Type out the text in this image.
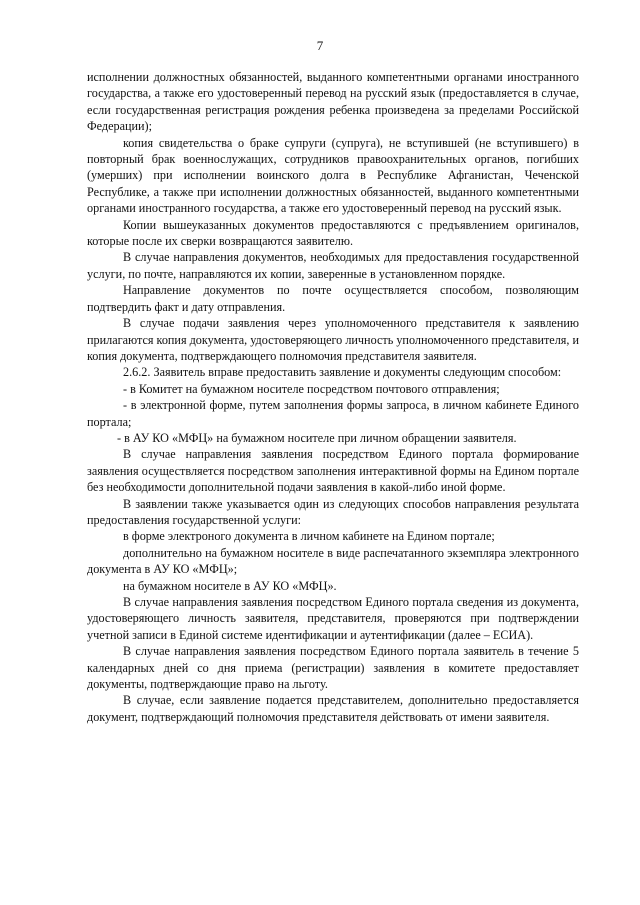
7

исполнении должностных обязанностей, выданного компетентными органами иностранного государства, а также его удостоверенный перевод на русский язык (предоставляется в случае, если государственная регистрация рождения ребенка произведена за пределами Российской Федерации);

копия свидетельства о браке супруги (супруга), не вступившей (не вступившего) в повторный брак военнослужащих, сотрудников правоохранительных органов, погибших (умерших) при исполнении воинского долга в Республике Афганистан, Чеченской Республике, а также при исполнении должностных обязанностей, выданного компетентными органами иностранного государства, а также его удостоверенный перевод на русский язык.

Копии вышеуказанных документов предоставляются с предъявлением оригиналов, которые после их сверки возвращаются заявителю.

В случае направления документов, необходимых для предоставления государственной услуги, по почте, направляются их копии, заверенные в установленном порядке.

Направление документов по почте осуществляется способом, позволяющим подтвердить факт и дату отправления.

В случае подачи заявления через уполномоченного представителя к заявлению прилагаются копия документа, удостоверяющего личность уполномоченного представителя, и копия документа, подтверждающего полномочия представителя заявителя.

2.6.2. Заявитель вправе предоставить заявление и документы следующим способом:

- в Комитет на бумажном носителе посредством почтового отправления;

- в электронной форме, путем заполнения формы запроса, в личном кабинете Единого портала;

- в АУ КО «МФЦ» на бумажном носителе при личном обращении заявителя.

В случае направления заявления посредством Единого портала формирование заявления осуществляется посредством заполнения интерактивной формы на Едином портале без необходимости дополнительной подачи заявления в какой-либо иной форме.

В заявлении также указывается один из следующих способов направления результата предоставления государственной услуги:

в форме электроного документа в личном кабинете на Едином портале;

дополнительно на бумажном носителе в виде распечатанного экземпляра электронного документа в АУ КО «МФЦ»;

на бумажном носителе в АУ КО «МФЦ».

В случае направления заявления посредством Единого портала сведения из документа, удостоверяющего личность заявителя, представителя, проверяются при подтверждении учетной записи в Единой системе идентификации и аутентификации (далее – ЕСИА).

В случае направления заявления посредством Единого портала заявитель в течение 5 календарных дней со дня приема (регистрации) заявления в комитете предоставляет документы, подтверждающие право на льготу.

В случае, если заявление подается представителем, дополнительно предоставляется документ, подтверждающий полномочия представителя действовать от имени заявителя.
